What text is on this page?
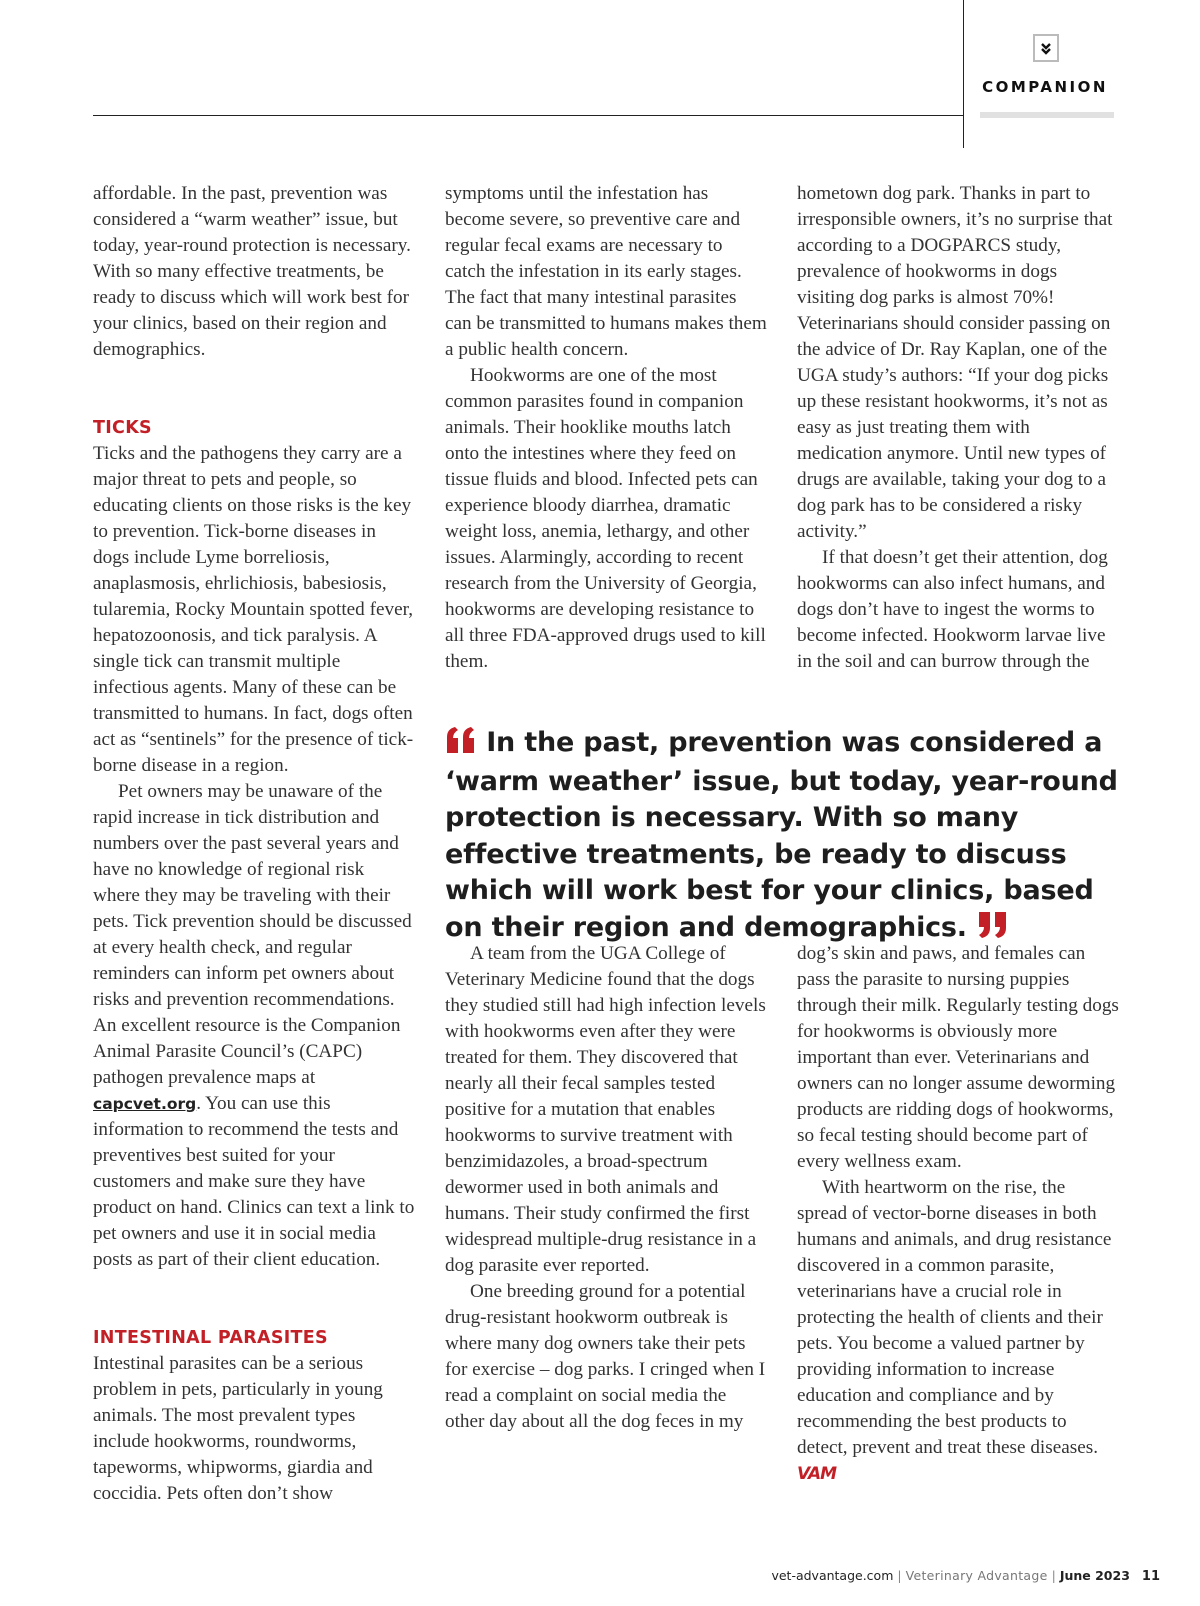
COMPANION

affordable. In the past, prevention was considered a “warm weather” issue, but today, year-round protection is necessary. With so many effective treatments, be ready to discuss which will work best for your clinics, based on their region and demographics.

TICKS

Ticks and the pathogens they carry are a major threat to pets and people, so educating clients on those risks is the key to prevention. Tick-borne diseases in dogs include Lyme borreliosis, anaplasmosis, ehrlichiosis, babesiosis, tularemia, Rocky Mountain spotted fever, hepatozoonosis, and tick paralysis. A single tick can transmit multiple infectious agents. Many of these can be transmitted to humans. In fact, dogs often act as “sentinels” for the presence of tick-borne disease in a region.

Pet owners may be unaware of the rapid increase in tick distribution and numbers over the past several years and have no knowledge of regional risk where they may be traveling with their pets. Tick prevention should be discussed at every health check, and regular reminders can inform pet owners about risks and prevention recommendations. An excellent resource is the Companion Animal Parasite Council’s (CAPC) pathogen prevalence maps at capcvet.org. You can use this information to recommend the tests and preventives best suited for your customers and make sure they have product on hand. Clinics can text a link to pet owners and use it in social media posts as part of their client education.

INTESTINAL PARASITES

Intestinal parasites can be a serious problem in pets, particularly in young animals. The most prevalent types include hookworms, roundworms, tapeworms, whipworms, giardia and coccidia. Pets often don’t show

symptoms until the infestation has become severe, so preventive care and regular fecal exams are necessary to catch the infestation in its early stages. The fact that many intestinal parasites can be transmitted to humans makes them a public health concern.

Hookworms are one of the most common parasites found in companion animals. Their hooklike mouths latch onto the intestines where they feed on tissue fluids and blood. Infected pets can experience bloody diarrhea, dramatic weight loss, anemia, lethargy, and other issues. Alarmingly, according to recent research from the University of Georgia, hookworms are developing resistance to all three FDA-approved drugs used to kill them.

hometown dog park. Thanks in part to irresponsible owners, it’s no surprise that according to a DOGPARCS study, prevalence of hookworms in dogs visiting dog parks is almost 70%! Veterinarians should consider passing on the advice of Dr. Ray Kaplan, one of the UGA study’s authors: “If your dog picks up these resistant hookworms, it’s not as easy as just treating them with medication anymore. Until new types of drugs are available, taking your dog to a dog park has to be considered a risky activity.”

If that doesn’t get their attention, dog hookworms can also infect humans, and dogs don’t have to ingest the worms to become infected. Hookworm larvae live in the soil and can burrow through the

In the past, prevention was considered a ‘warm weather’ issue, but today, year-round protection is necessary. With so many effective treatments, be ready to discuss which will work best for your clinics, based on their region and demographics.

A team from the UGA College of Veterinary Medicine found that the dogs they studied still had high infection levels with hookworms even after they were treated for them. They discovered that nearly all their fecal samples tested positive for a mutation that enables hookworms to survive treatment with benzimidazoles, a broad-spectrum dewormer used in both animals and humans. Their study confirmed the first widespread multiple-drug resistance in a dog parasite ever reported.

One breeding ground for a potential drug-resistant hookworm outbreak is where many dog owners take their pets for exercise – dog parks. I cringed when I read a complaint on social media the other day about all the dog feces in my

dog’s skin and paws, and females can pass the parasite to nursing puppies through their milk. Regularly testing dogs for hookworms is obviously more important than ever. Veterinarians and owners can no longer assume deworming products are ridding dogs of hookworms, so fecal testing should become part of every wellness exam.

With heartworm on the rise, the spread of vector-borne diseases in both humans and animals, and drug resistance discovered in a common parasite, veterinarians have a crucial role in protecting the health of clients and their pets. You become a valued partner by providing information to increase education and compliance and by recommending the best products to detect, prevent and treat these diseases. VAM

vet-advantage.com | Veterinary Advantage | June 2023 11
